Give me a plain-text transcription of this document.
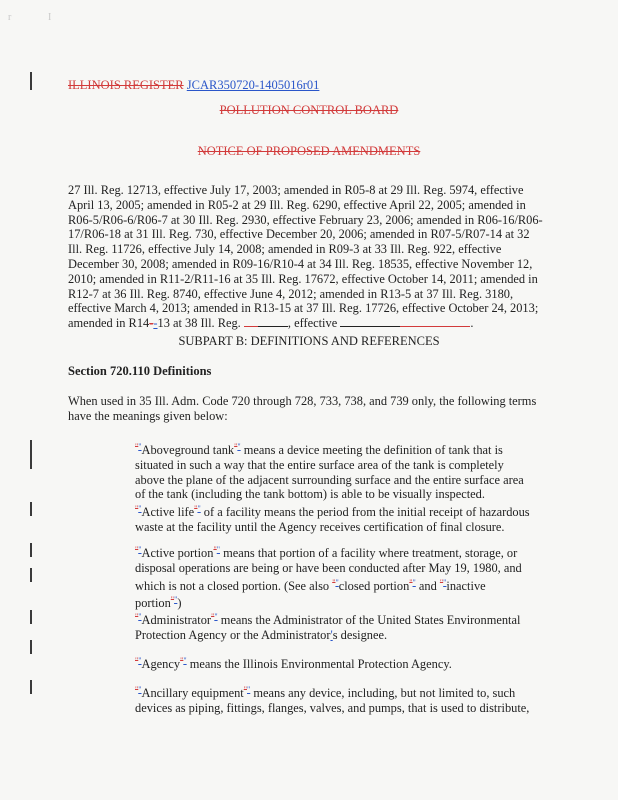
r	I
ILLINOIS REGISTER JCAR350720-1405016r01
POLLUTION CONTROL BOARD
NOTICE OF PROPOSED AMENDMENTS
27 Ill. Reg. 12713, effective July 17, 2003; amended in R05-8 at 29 Ill. Reg. 5974, effective April 13, 2005; amended in R05-2 at 29 Ill. Reg. 6290, effective April 22, 2005; amended in R06-5/R06-6/R06-7 at 30 Ill. Reg. 2930, effective February 23, 2006; amended in R06-16/R06-17/R06-18 at 31 Ill. Reg. 730, effective December 20, 2006; amended in R07-5/R07-14 at 32 Ill. Reg. 11726, effective July 14, 2008; amended in R09-3 at 33 Ill. Reg. 922, effective December 30, 2008; amended in R09-16/R10-4 at 34 Ill. Reg. 18535, effective November 12, 2010; amended in R11-2/R11-16 at 35 Ill. Reg. 17672, effective October 14, 2011; amended in R12-7 at 36 Ill. Reg. 8740, effective June 4, 2012; amended in R13-5 at 37 Ill. Reg. 3180, effective March 4, 2013; amended in R13-15 at 37 Ill. Reg. 17726, effective October 24, 2013; amended in R14--13 at 38 Ill. Reg.	, effective	.
SUBPART B: DEFINITIONS AND REFERENCES
Section 720.110 Definitions
When used in 35 Ill. Adm. Code 720 through 728, 733, 738, and 739 only, the following terms have the meanings given below:
""Aboveground tank"" means a device meeting the definition of tank that is situated in such a way that the entire surface area of the tank is completely above the plane of the adjacent surrounding surface and the entire surface area of the tank (including the tank bottom) is able to be visually inspected.
""Active life"" of a facility means the period from the initial receipt of hazardous waste at the facility until the Agency receives certification of final closure.
""Active portion"" means that portion of a facility where treatment, storage, or disposal operations are being or have been conducted after May 19, 1980, and which is not a closed portion. (See also ""closed portion"" and ""inactive portion"")
""Administrator"" means the Administrator of the United States Environmental Protection Agency or the Administrator's designee.
""Agency"" means the Illinois Environmental Protection Agency.
""Ancillary equipment"" means any device, including, but not limited to, such devices as piping, fittings, flanges, valves, and pumps, that is used to distribute,
